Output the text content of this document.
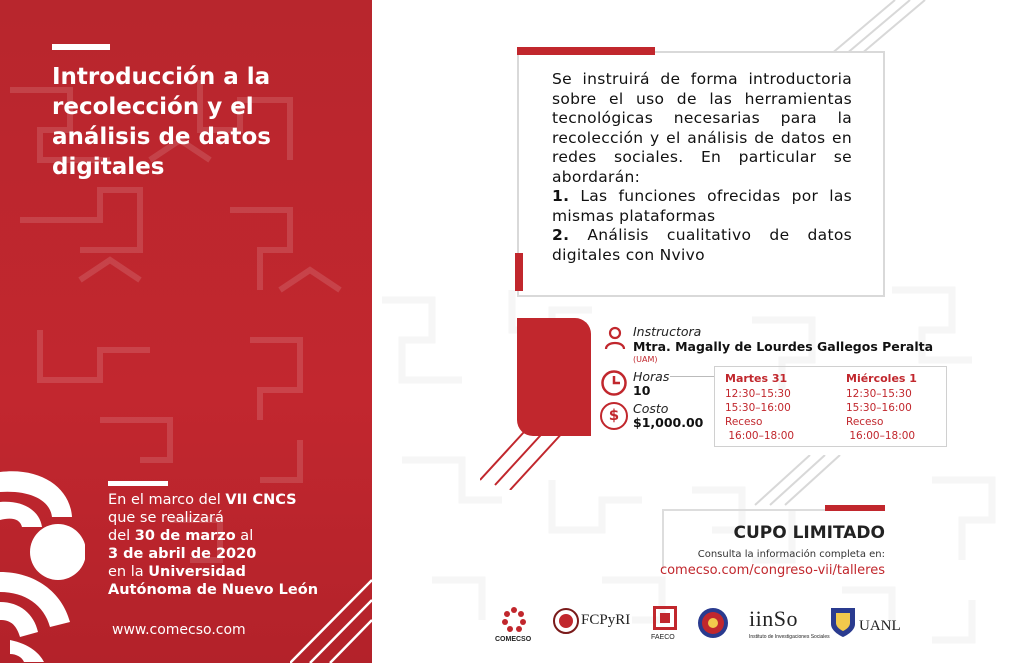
Introducción a la recolección y el análisis de datos digitales
En el marco del VII CNCS
que se realizará
del 30 de marzo al
3 de abril de 2020
en la Universidad
Autónoma de Nuevo León
www.comecso.com
Se instruirá de forma introductoria sobre el uso de las herramientas tecnológicas necesarias para la recolección y el análisis de datos en redes sociales. En particular se abordarán:
1. Las funciones ofrecidas por las mismas plataformas
2. Análisis cualitativo de datos digitales con Nvivo
Instructora
Mtra. Magally de Lourdes Gallegos Peralta
(UAM)
Horas
10
$	Costo
$1,000.00
Martes 31
12:30–15:30
15:30–16:00
Receso
16:00–18:00
Miércoles 1
12:30–15:30
15:30–16:00
Receso
16:00–18:00
CUPO LIMITADO
Consulta la información completa en:
comecso.com/congreso-vii/talleres
COMECSO
FCPyRI
FAECO
iinSo
Instituto de Investigaciones Sociales
UANL
